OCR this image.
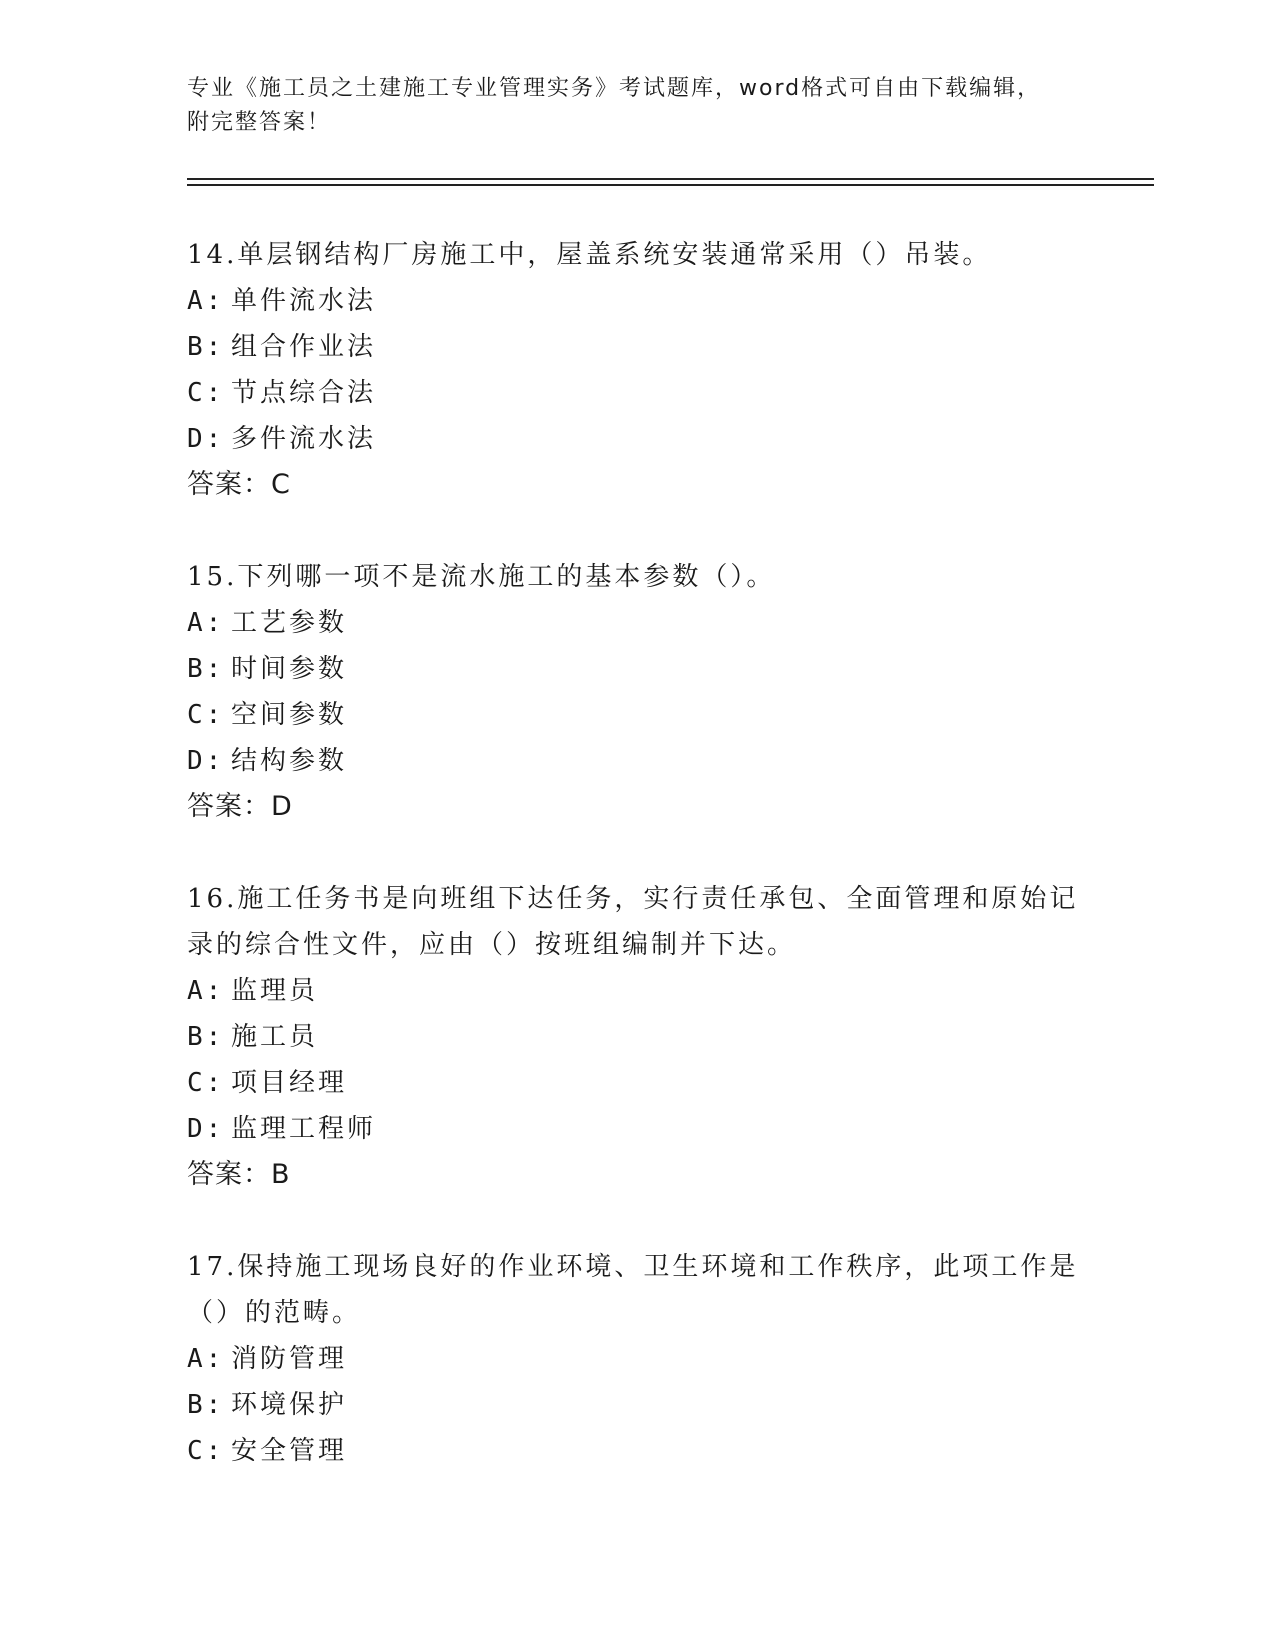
专业《施工员之土建施工专业管理实务》考试题库，word格式可自由下载编辑，
附完整答案！
14.单层钢结构厂房施工中，屋盖系统安装通常采用（）吊装。
A: 单件流水法
B: 组合作业法
C: 节点综合法
D: 多件流水法
答案：C
15.下列哪一项不是流水施工的基本参数（）。
A: 工艺参数
B: 时间参数
C: 空间参数
D: 结构参数
答案：D
16.施工任务书是向班组下达任务，实行责任承包、全面管理和原始记录的综合性文件，应由（）按班组编制并下达。
A: 监理员
B: 施工员
C: 项目经理
D: 监理工程师
答案：B
17.保持施工现场良好的作业环境、卫生环境和工作秩序，此项工作是（）的范畴。
A: 消防管理
B: 环境保护
C: 安全管理
